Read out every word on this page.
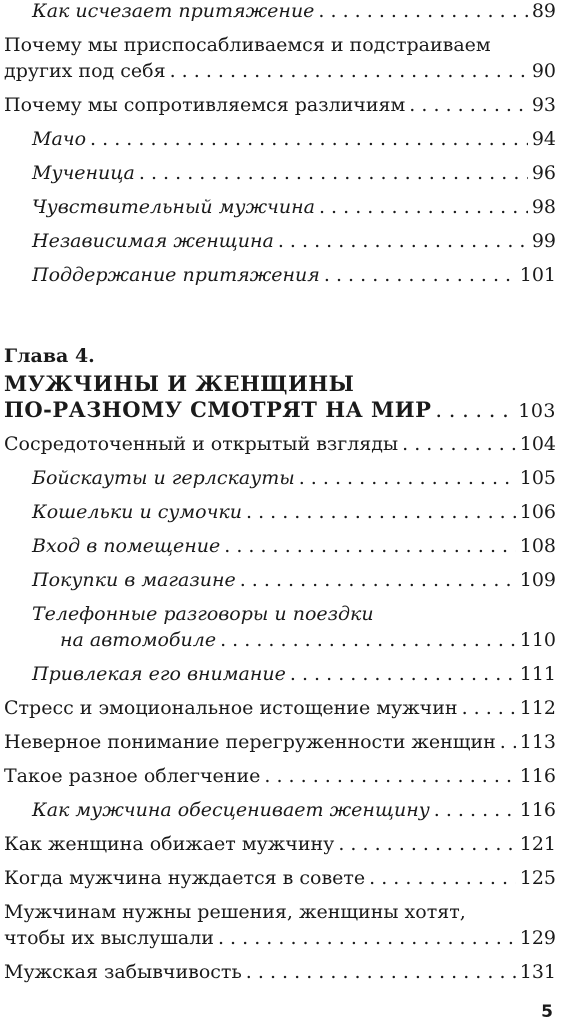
Как исчезает притяжение . . .	89
Почему мы приспосабливаемся и подстраиваем
других под себя . . .	90
Почему мы сопротивляемся различиям . . .	93
Мачо . . .	94
Мученица . . .	96
Чувствительный мужчина . . .	98
Независимая женщина . . .	99
Поддержание притяжения . . .	101
Глава 4.
МУЖЧИНЫ И ЖЕНЩИНЫ
ПО-РАЗНОМУ СМОТРЯТ НА МИР . . .	103
Сосредоточенный и открытый взгляды . . .	104
Бойскауты и герлскауты . . .	105
Кошельки и сумочки . . .	106
Вход в помещение . . .	108
Покупки в магазине . . .	109
Телефонные разговоры и поездки
на автомобиле . . .	110
Привлекая его внимание . . .	111
Стресс и эмоциональное истощение мужчин . . .	112
Неверное понимание перегруженности женщин . . . 113
Такое разное облегчение . . .	116
Как мужчина обесценивает женщину . . .	116
Как женщина обижает мужчину . . .	121
Когда мужчина нуждается в совете . . .	125
Мужчинам нужны решения, женщины хотят,
чтобы их выслушали . . .	129
Мужская забывчивость . . .	131
5
